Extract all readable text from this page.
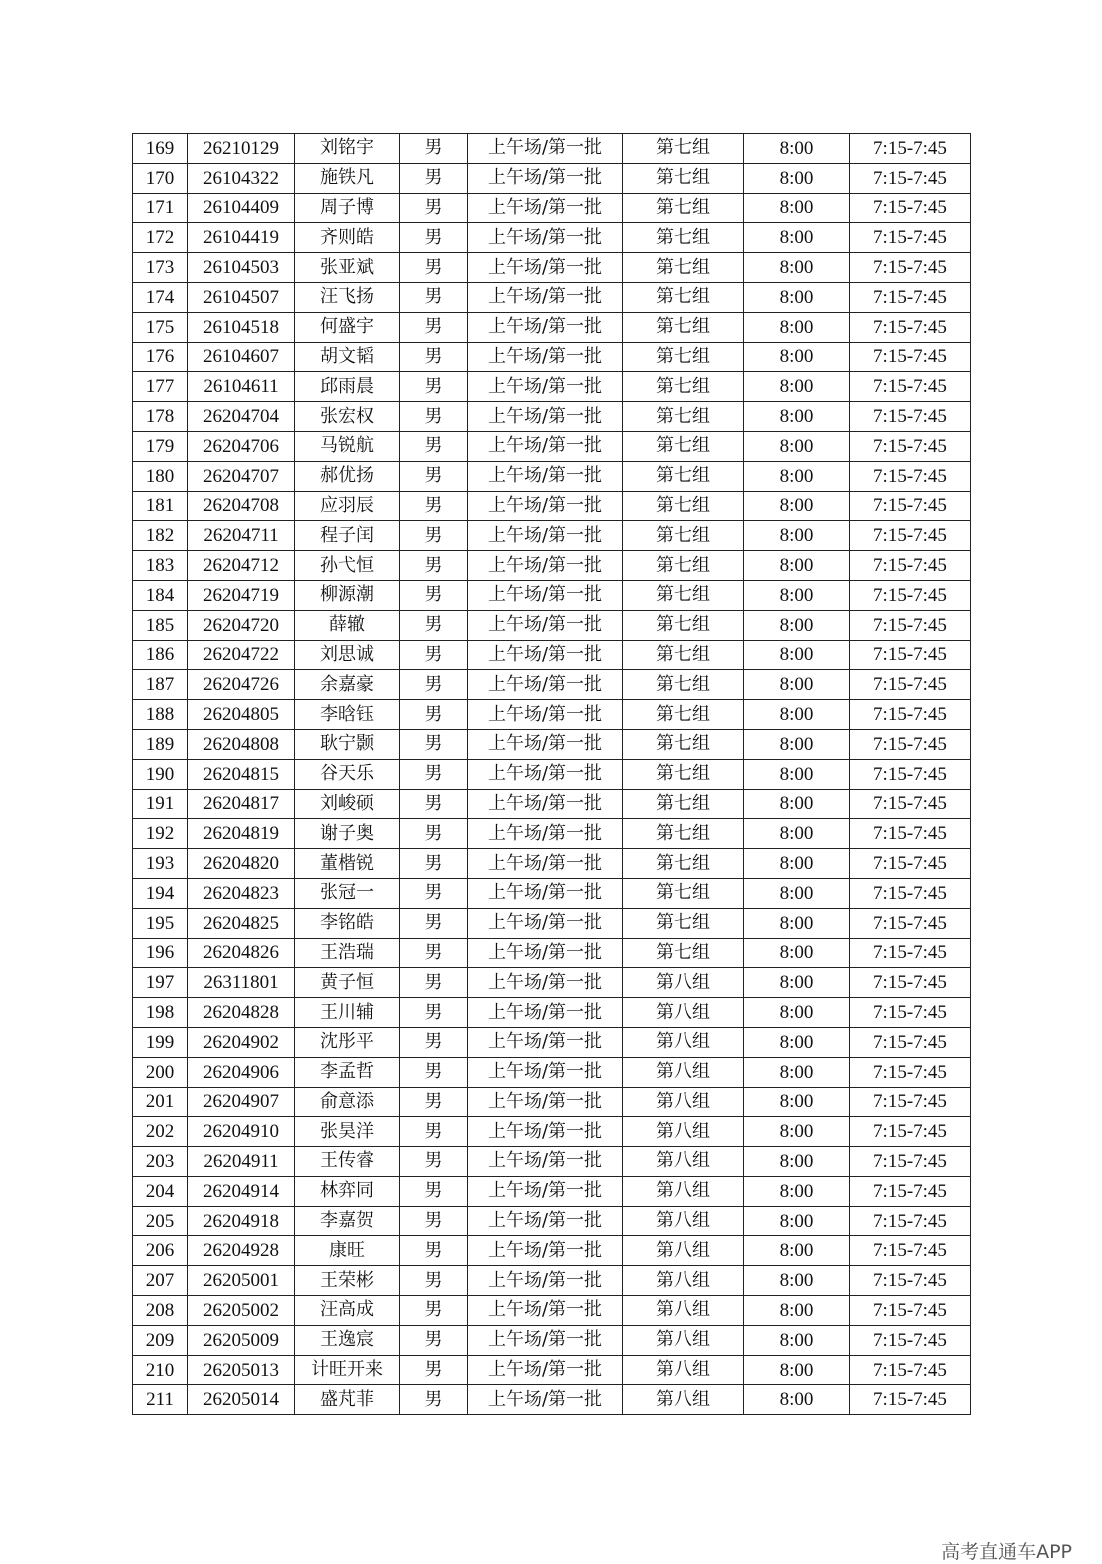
169	26210129	刘铭宇	男	上午场/第一批	第七组	8:00	7:15-7:45
170	26104322	施铁凡	男	上午场/第一批	第七组	8:00	7:15-7:45
171	26104409	周子博	男	上午场/第一批	第七组	8:00	7:15-7:45
172	26104419	齐则皓	男	上午场/第一批	第七组	8:00	7:15-7:45
173	26104503	张亚斌	男	上午场/第一批	第七组	8:00	7:15-7:45
174	26104507	汪飞扬	男	上午场/第一批	第七组	8:00	7:15-7:45
175	26104518	何盛宇	男	上午场/第一批	第七组	8:00	7:15-7:45
176	26104607	胡文韬	男	上午场/第一批	第七组	8:00	7:15-7:45
177	26104611	邱雨晨	男	上午场/第一批	第七组	8:00	7:15-7:45
178	26204704	张宏权	男	上午场/第一批	第七组	8:00	7:15-7:45
179	26204706	马锐航	男	上午场/第一批	第七组	8:00	7:15-7:45
180	26204707	郝优扬	男	上午场/第一批	第七组	8:00	7:15-7:45
181	26204708	应羽辰	男	上午场/第一批	第七组	8:00	7:15-7:45
182	26204711	程子闰	男	上午场/第一批	第七组	8:00	7:15-7:45
183	26204712	孙弋恒	男	上午场/第一批	第七组	8:00	7:15-7:45
184	26204719	柳源潮	男	上午场/第一批	第七组	8:00	7:15-7:45
185	26204720	薛辙	男	上午场/第一批	第七组	8:00	7:15-7:45
186	26204722	刘思诚	男	上午场/第一批	第七组	8:00	7:15-7:45
187	26204726	余嘉豪	男	上午场/第一批	第七组	8:00	7:15-7:45
188	26204805	李晗钰	男	上午场/第一批	第七组	8:00	7:15-7:45
189	26204808	耿宁颢	男	上午场/第一批	第七组	8:00	7:15-7:45
190	26204815	谷天乐	男	上午场/第一批	第七组	8:00	7:15-7:45
191	26204817	刘峻硕	男	上午场/第一批	第七组	8:00	7:15-7:45
192	26204819	谢子奥	男	上午场/第一批	第七组	8:00	7:15-7:45
193	26204820	董楷锐	男	上午场/第一批	第七组	8:00	7:15-7:45
194	26204823	张冠一	男	上午场/第一批	第七组	8:00	7:15-7:45
195	26204825	李铭皓	男	上午场/第一批	第七组	8:00	7:15-7:45
196	26204826	王浩瑞	男	上午场/第一批	第七组	8:00	7:15-7:45
197	26311801	黄子恒	男	上午场/第一批	第八组	8:00	7:15-7:45
198	26204828	王川辅	男	上午场/第一批	第八组	8:00	7:15-7:45
199	26204902	沈彤平	男	上午场/第一批	第八组	8:00	7:15-7:45
200	26204906	李孟哲	男	上午场/第一批	第八组	8:00	7:15-7:45
201	26204907	俞意添	男	上午场/第一批	第八组	8:00	7:15-7:45
202	26204910	张昊洋	男	上午场/第一批	第八组	8:00	7:15-7:45
203	26204911	王传睿	男	上午场/第一批	第八组	8:00	7:15-7:45
204	26204914	林弈同	男	上午场/第一批	第八组	8:00	7:15-7:45
205	26204918	李嘉贺	男	上午场/第一批	第八组	8:00	7:15-7:45
206	26204928	康旺	男	上午场/第一批	第八组	8:00	7:15-7:45
207	26205001	王荣彬	男	上午场/第一批	第八组	8:00	7:15-7:45
208	26205002	汪高成	男	上午场/第一批	第八组	8:00	7:15-7:45
209	26205009	王逸宸	男	上午场/第一批	第八组	8:00	7:15-7:45
210	26205013	计旺开来	男	上午场/第一批	第八组	8:00	7:15-7:45
211	26205014	盛芃菲	男	上午场/第一批	第八组	8:00	7:15-7:45
高考直通车APP
